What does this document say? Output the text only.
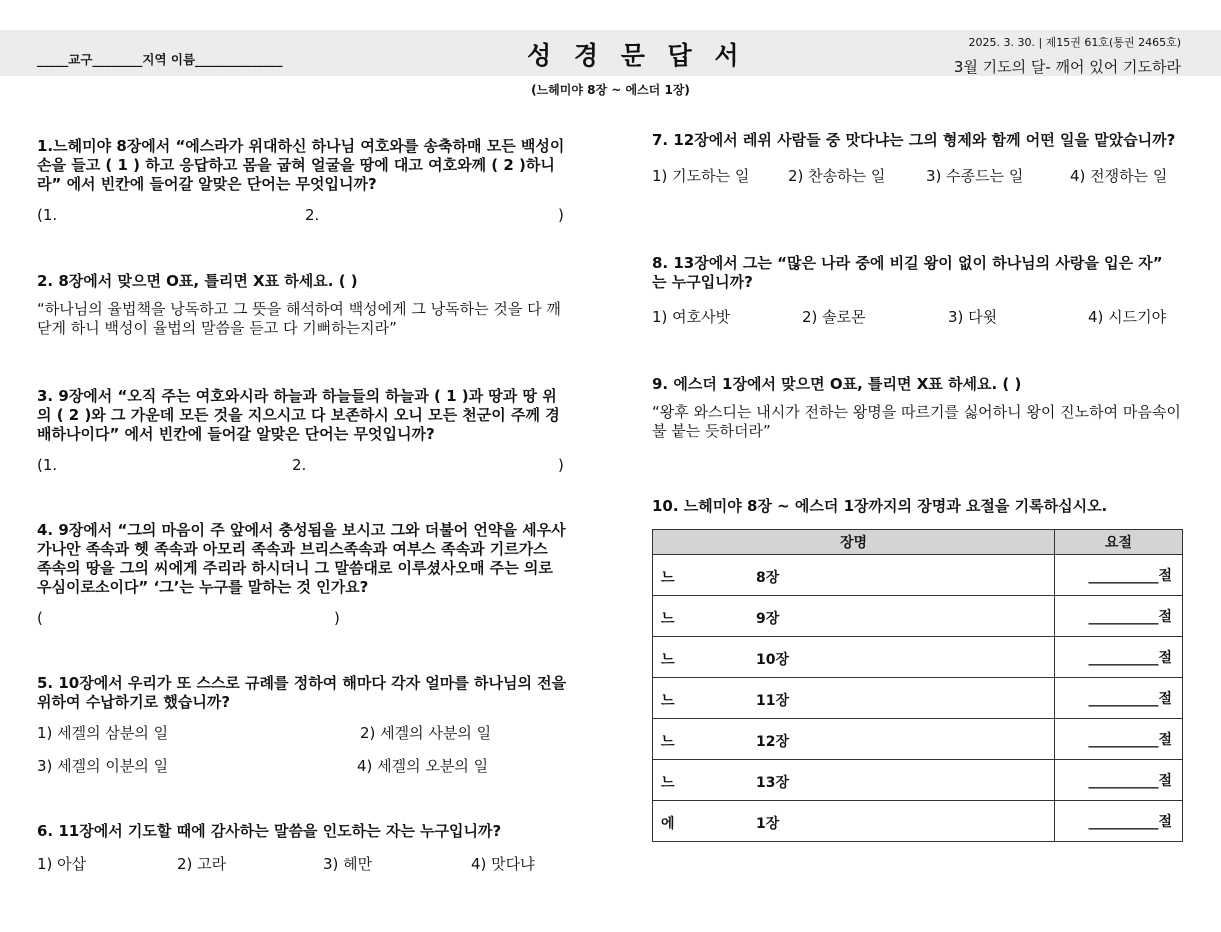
_____교구________지역 이름______________	성 경 문 답 서	2025. 3. 30. | 제15권 61호(통권 2465호)
3월 기도의 달- 깨어 있어 기도하라
(느헤미야 8장 ~ 에스더 1장)
1.느헤미야 8장에서 “에스라가 위대하신 하나님 여호와를 송축하매 모든 백성이 손을 들고 ( 1 ) 하고 응답하고 몸을 굽혀 얼굴을 땅에 대고 여호와께 ( 2 )하니라” 에서 빈칸에 들어갈 알맞은 단어는 무엇입니까?
(1.	2.	)
2. 8장에서 맞으면 O표, 틀리면 X표 하세요. ( )
“하나님의 율법책을 낭독하고 그 뜻을 해석하여 백성에게 그 낭독하는 것을 다 깨닫게 하니 백성이 율법의 말씀을 듣고 다 기뻐하는지라”
3. 9장에서 “오직 주는 여호와시라 하늘과 하늘들의 하늘과 ( 1 )과 땅과 땅 위의 ( 2 )와 그 가운데 모든 것을 지으시고 다 보존하시 오니 모든 천군이 주께 경배하나이다” 에서 빈칸에 들어갈 알맞은 단어는 무엇입니까?
(1.	2.	)
4. 9장에서 “그의 마음이 주 앞에서 충성됨을 보시고 그와 더불어 언약을 세우사 가나안 족속과 헷 족속과 아모리 족속과 브리스족속과 여부스 족속과 기르가스 족속의 땅을 그의 씨에게 주리라 하시더니 그 말씀대로 이루셨사오매 주는 의로우심이로소이다” ‘그’는 누구를 말하는 것 인가요?
(	)
5. 10장에서 우리가 또 스스로 규례를 정하여 해마다 각자 얼마를 하나님의 전을 위하여 수납하기로 했습니까?
1) 세겔의 삼분의 일	2) 세겔의 사분의 일
3) 세겔의 이분의 일	4) 세겔의 오분의 일
6. 11장에서 기도할 때에 감사하는 말씀을 인도하는 자는 누구입니까?
1) 아삽	2) 고라	3) 헤만	4) 맛다냐
7. 12장에서 레위 사람들 중 맛다냐는 그의 형제와 함께 어떤 일을 맡았습니까?
1) 기도하는 일	2) 찬송하는 일	3) 수종드는 일	4) 전쟁하는 일
8. 13장에서 그는 “많은 나라 중에 비길 왕이 없이 하나님의 사랑을 입은 자” 는 누구입니까?
1) 여호사밧	2) 솔로몬	3) 다윗	4) 시드기야
9. 에스더 1장에서 맞으면 O표, 틀리면 X표 하세요. ( )
“왕후 와스디는 내시가 전하는 왕명을 따르기를 싫어하니 왕이 진노하여 마음속이 불 붙는 듯하더라”
10. 느헤미야 8장 ~ 에스더 1장까지의 장명과 요절을 기록하십시오.
장명	요절

느 8장	__________절

느 9장	__________절

느 10장	__________절

느 11장	__________절

느 12장	__________절

느 13장	__________절

에 1장	__________절
